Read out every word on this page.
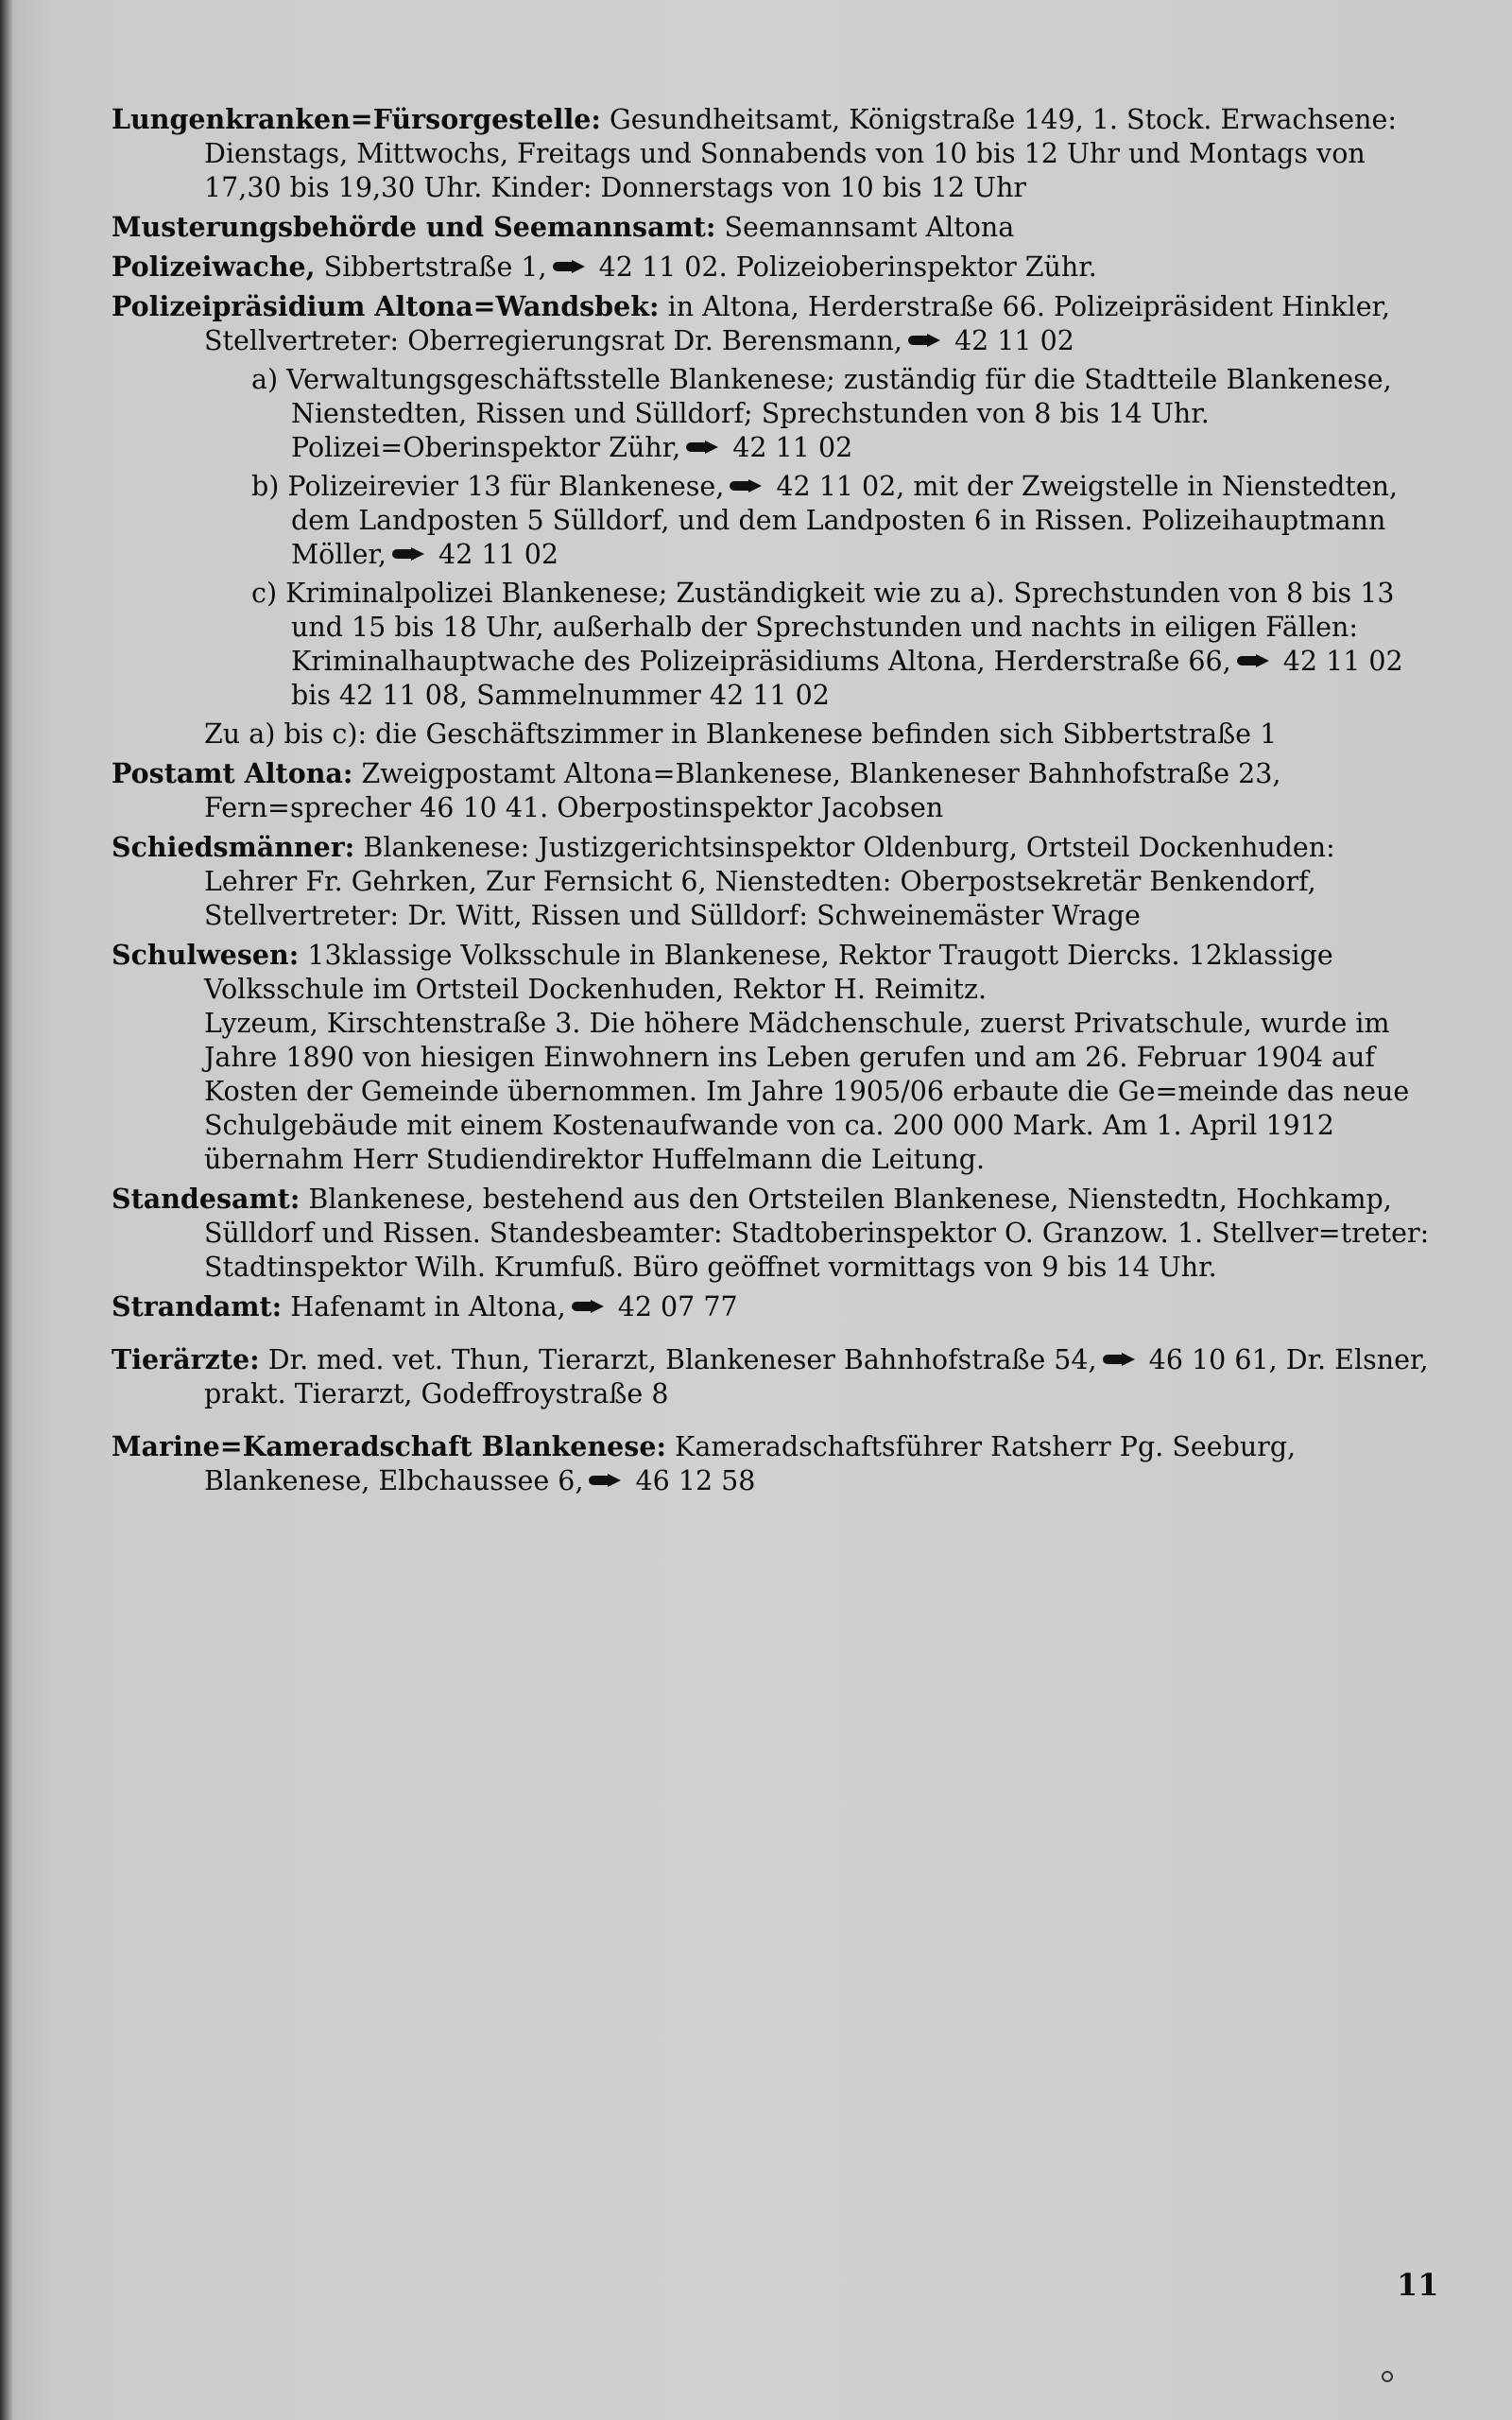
Lungenkranken=Fürsorgestelle: Gesundheitsamt, Königstraße 149, 1. Stock. Erwachsene: Dienstags, Mittwochs, Freitags und Sonnabends von 10 bis 12 Uhr und Montags von 17,30 bis 19,30 Uhr. Kinder: Donnerstags von 10 bis 12 Uhr

Musterungsbehörde und Seemannsamt: Seemannsamt Altona

Polizeiwache, Sibbertstraße 1, 42 11 02. Polizeioberinspektor Zühr.

Polizeipräsidium Altona=Wandsbek: in Altona, Herderstraße 66. Polizeipräsident Hinkler, Stellvertreter: Oberregierungsrat Dr. Berensmann, 42 11 02

a) Verwaltungsgeschäftsstelle Blankenese; zuständig für die Stadtteile Blankenese, Nienstedten, Rissen und Sülldorf; Sprechstunden von 8 bis 14 Uhr. Polizei=Oberinspektor Zühr, 42 11 02

b) Polizeirevier 13 für Blankenese, 42 11 02, mit der Zweigstelle in Nienstedten, dem Landposten 5 Sülldorf, und dem Landposten 6 in Rissen. Polizeihauptmann Möller, 42 11 02

c) Kriminalpolizei Blankenese; Zuständigkeit wie zu a). Sprechstunden von 8 bis 13 und 15 bis 18 Uhr, außerhalb der Sprechstunden und nachts in eiligen Fällen: Kriminalhauptwache des Polizeipräsidiums Altona, Herderstraße 66, 42 11 02 bis 42 11 08, Sammelnummer 42 11 02

Zu a) bis c): die Geschäftszimmer in Blankenese befinden sich Sibbertstraße 1

Postamt Altona: Zweigpostamt Altona=Blankenese, Blankeneser Bahnhofstraße 23, Fern=sprecher 46 10 41. Oberpostinspektor Jacobsen

Schiedsmänner: Blankenese: Justizgerichtsinspektor Oldenburg, Ortsteil Dockenhuden: Lehrer Fr. Gehrken, Zur Fernsicht 6, Nienstedten: Oberpostsekretär Benkendorf, Stellvertreter: Dr. Witt, Rissen und Sülldorf: Schweinemäster Wrage

Schulwesen: 13klassige Volksschule in Blankenese, Rektor Traugott Diercks. 12klassige Volksschule im Ortsteil Dockenhuden, Rektor H. Reimitz.

Lyzeum, Kirschtenstraße 3. Die höhere Mädchenschule, zuerst Privatschule, wurde im Jahre 1890 von hiesigen Einwohnern ins Leben gerufen und am 26. Februar 1904 auf Kosten der Gemeinde übernommen. Im Jahre 1905/06 erbaute die Ge=meinde das neue Schulgebäude mit einem Kostenaufwande von ca. 200 000 Mark. Am 1. April 1912 übernahm Herr Studiendirektor Huffelmann die Leitung.

Standesamt: Blankenese, bestehend aus den Ortsteilen Blankenese, Nienstedtn, Hochkamp, Sülldorf und Rissen. Standesbeamter: Stadtoberinspektor O. Granzow. 1. Stellver=treter: Stadtinspektor Wilh. Krumfuß. Büro geöffnet vormittags von 9 bis 14 Uhr.

Strandamt: Hafenamt in Altona, 42 07 77

Tierärzte: Dr. med. vet. Thun, Tierarzt, Blankeneser Bahnhofstraße 54, 46 10 61, Dr. Elsner, prakt. Tierarzt, Godeffroystraße 8

Marine=Kameradschaft Blankenese: Kameradschaftsführer Ratsherr Pg. Seeburg, Blankenese, Elbchaussee 6, 46 12 58

11
